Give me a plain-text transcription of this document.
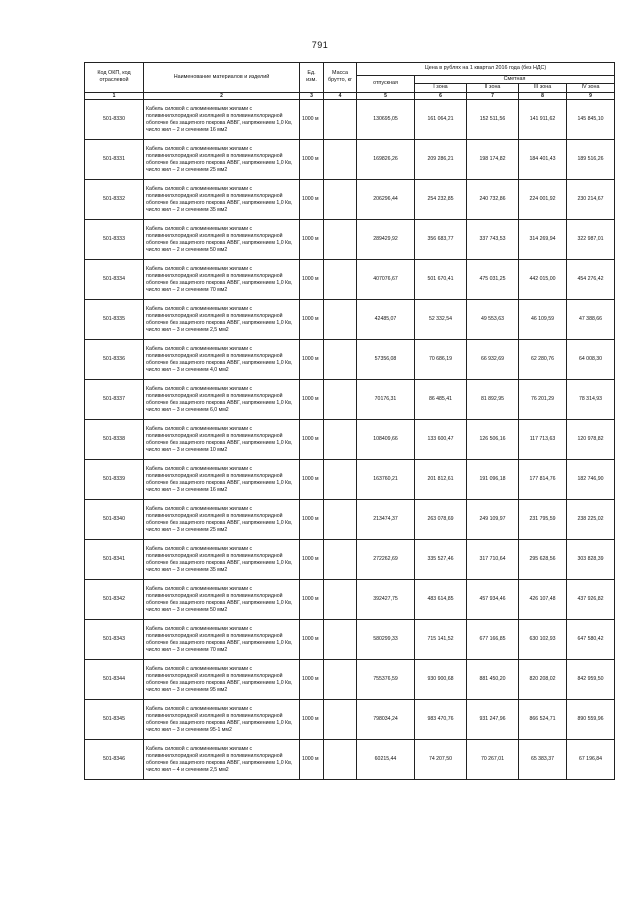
791
Код ОКП, код отраслевой	Наименование материалов и изделий	Ед. изм.	Масса брутто, кг	Цена в рублях на 1 квартал 2016 года (без НДС)				
				отпускная	Сметная			
					I зона	II зона	III зона	IV зона
1	2	3	4	5	6	7	8	9
501-8330	Кабель силовой с алюминиевыми жилами с поливинилхлоридной изоляцией в поливинилхлоридной оболочке без защитного покрова АВВГ, напряжением 1,0 Кв, число жил – 2 и сечением 16 мм2	1000 м		130695,05	161 064,21	152 511,56	141 911,62	145 845,10
501-8331	Кабель силовой с алюминиевыми жилами с поливинилхлоридной изоляцией в поливинилхлоридной оболочке без защитного покрова АВВГ, напряжением 1,0 Кв, число жил – 2 и сечением 25 мм2	1000 м		169826,26	209 286,21	198 174,82	184 401,43	189 516,26
501-8332	Кабель силовой с алюминиевыми жилами с поливинилхлоридной изоляцией в поливинилхлоридной оболочке без защитного покрова АВВГ, напряжением 1,0 Кв, число жил – 2 и сечением 35 мм2	1000 м		206296,44	254 232,85	240 732,86	224 001,92	230 214,67
501-8333	Кабель силовой с алюминиевыми жилами с поливинилхлоридной изоляцией в поливинилхлоридной оболочке без защитного покрова АВВГ, напряжением 1,0 Кв, число жил – 2 и сечением 50 мм2	1000 м		289429,92	356 683,77	337 743,53	314 269,94	322 987,01
501-8334	Кабель силовой с алюминиевыми жилами с поливинилхлоридной изоляцией в поливинилхлоридной оболочке без защитного покрова АВВГ, напряжением 1,0 Кв, число жил – 2 и сечением 70 мм2	1000 м		407076,67	501 670,41	475 031,25	442 015,00	454 276,42
501-8335	Кабель силовой с алюминиевыми жилами с поливинилхлоридной изоляцией в поливинилхлоридной оболочке без защитного покрова АВВГ, напряжением 1,0 Кв, число жил – 3 и сечением 2,5 мм2	1000 м		42485,07	52 332,54	49 553,63	46 109,59	47 388,66
501-8336	Кабель силовой с алюминиевыми жилами с поливинилхлоридной изоляцией в поливинилхлоридной оболочке без защитного покрова АВВГ, напряжением 1,0 Кв, число жил – 3 и сечением 4,0 мм2	1000 м		57356,08	70 686,19	66 932,69	62 280,76	64 008,30
501-8337	Кабель силовой с алюминиевыми жилами с поливинилхлоридной изоляцией в поливинилхлоридной оболочке без защитного покрова АВВГ, напряжением 1,0 Кв, число жил – 3 и сечением 6,0 мм2	1000 м		70176,31	86 485,41	81 892,95	76 201,29	78 314,93
501-8338	Кабель силовой с алюминиевыми жилами с поливинилхлоридной изоляцией в поливинилхлоридной оболочке без защитного покрова АВВГ, напряжением 1,0 Кв, число жил – 3 и сечением 10 мм2	1000 м		108409,66	133 600,47	126 506,16	117 713,63	120 978,82
501-8339	Кабель силовой с алюминиевыми жилами с поливинилхлоридной изоляцией в поливинилхлоридной оболочке без защитного покрова АВВГ, напряжением 1,0 Кв, число жил – 3 и сечением 16 мм2	1000 м		163760,21	201 812,61	191 096,18	177 814,76	182 746,90
501-8340	Кабель силовой с алюминиевыми жилами с поливинилхлоридной изоляцией в поливинилхлоридной оболочке без защитного покрова АВВГ, напряжением 1,0 Кв, число жил – 3 и сечением 25 мм2	1000 м		213474,37	263 078,69	249 109,97	231 795,59	238 225,02
501-8341	Кабель силовой с алюминиевыми жилами с поливинилхлоридной изоляцией в поливинилхлоридной оболочке без защитного покрова АВВГ, напряжением 1,0 Кв, число жил – 3 и сечением 35 мм2	1000 м		272262,69	335 527,46	317 710,64	295 628,56	303 828,39
501-8342	Кабель силовой с алюминиевыми жилами с поливинилхлоридной изоляцией в поливинилхлоридной оболочке без защитного покрова АВВГ, напряжением 1,0 Кв, число жил – 3 и сечением 50 мм2	1000 м		392427,75	483 614,85	457 934,46	426 107,48	437 926,82
501-8343	Кабель силовой с алюминиевыми жилами с поливинилхлоридной изоляцией в поливинилхлоридной оболочке без защитного покрова АВВГ, напряжением 1,0 Кв, число жил – 3 и сечением 70 мм2	1000 м		580299,33	715 141,52	677 166,85	630 102,93	647 580,42
501-8344	Кабель силовой с алюминиевыми жилами с поливинилхлоридной изоляцией в поливинилхлоридной оболочке без защитного покрова АВВГ, напряжением 1,0 Кв, число жил – 3 и сечением 95 мм2	1000 м		755376,59	930 900,68	881 450,20	820 208,02	842 959,50
501-8345	Кабель силовой с алюминиевыми жилами с поливинилхлоридной изоляцией в поливинилхлоридной оболочке без защитного покрова АВВГ, напряжением 1,0 Кв, число жил – 3 и сечением 95-1 мм2	1000 м		798034,24	983 470,76	931 247,96	866 524,71	890 559,96
501-8346	Кабель силовой с алюминиевыми жилами с поливинилхлоридной изоляцией в поливинилхлоридной оболочке без защитного покрова АВВГ, напряжением 1,0 Кв, число жил – 4 и сечением 2,5 мм2	1000 м		60215,44	74 207,50	70 267,01	65 383,37	67 196,84
